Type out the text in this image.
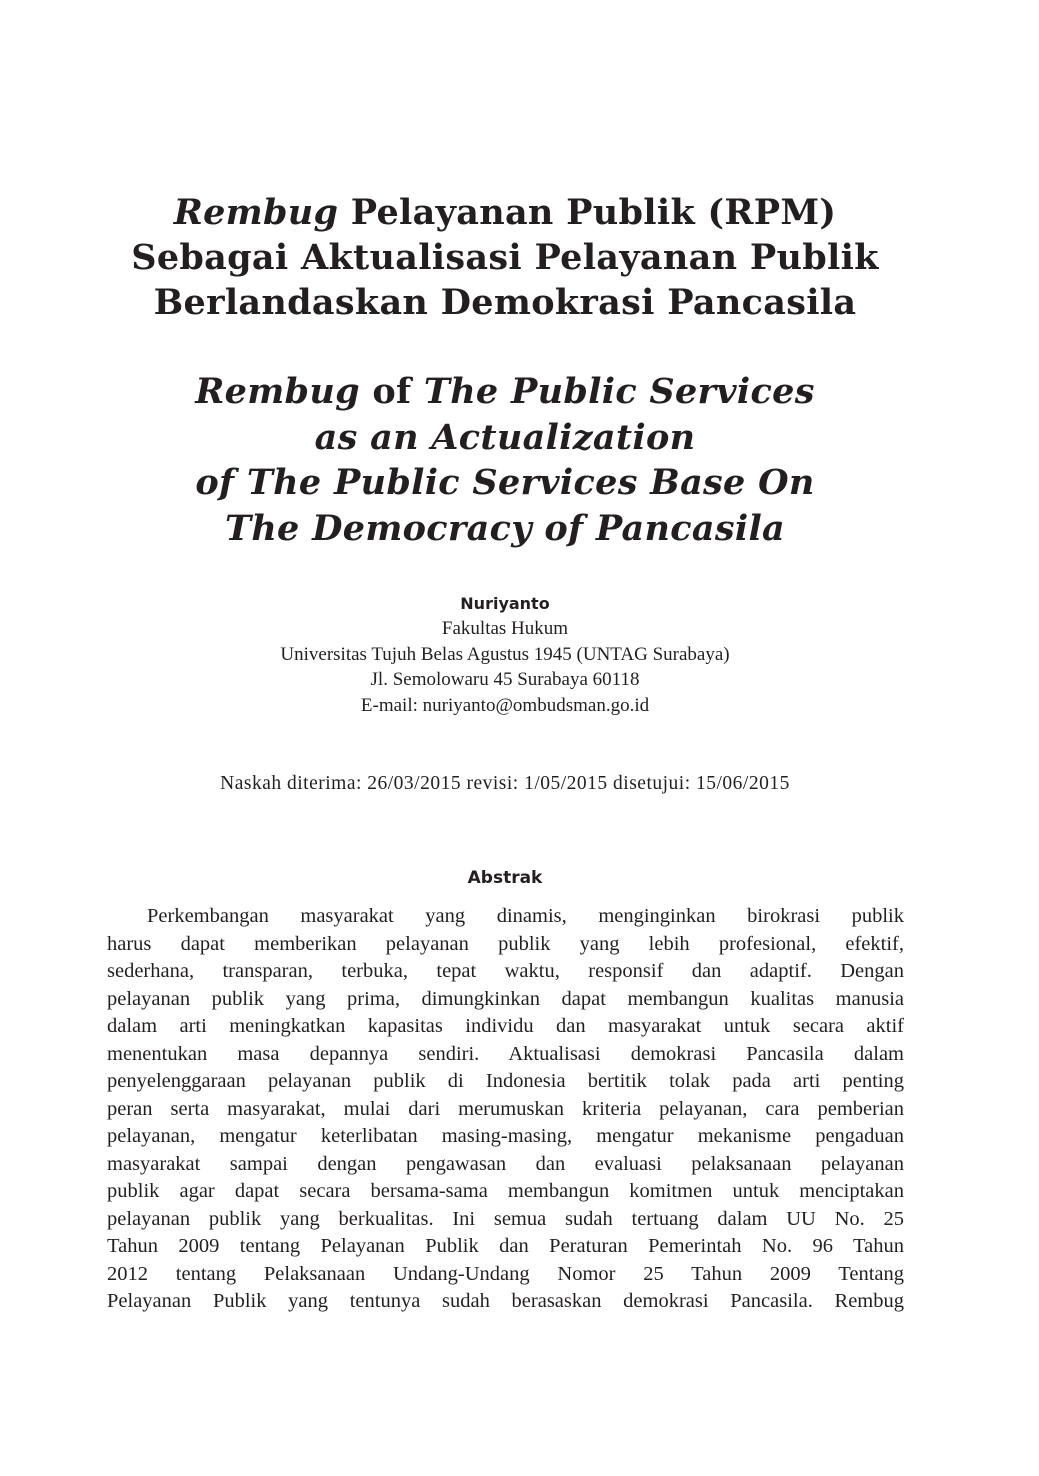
Rembug Pelayanan Publik (RPM)
Sebagai Aktualisasi Pelayanan Publik
Berlandaskan Demokrasi Pancasila
Rembug of The Public Services
as an Actualization
of The Public Services Base On
The Democracy of Pancasila
Nuriyanto
Fakultas Hukum
Universitas Tujuh Belas Agustus 1945 (UNTAG Surabaya)
Jl. Semolowaru 45 Surabaya 60118
E-mail: nuriyanto@ombudsman.go.id
Naskah diterima: 26/03/2015 revisi: 1/05/2015 disetujui: 15/06/2015
Abstrak
Perkembangan masyarakat yang dinamis, menginginkan birokrasi publik
harus dapat memberikan pelayanan publik yang lebih profesional, efektif,
sederhana, transparan, terbuka, tepat waktu, responsif dan adaptif. Dengan
pelayanan publik yang prima, dimungkinkan dapat membangun kualitas manusia
dalam arti meningkatkan kapasitas individu dan masyarakat untuk secara aktif
menentukan masa depannya sendiri. Aktualisasi demokrasi Pancasila dalam
penyelenggaraan pelayanan publik di Indonesia bertitik tolak pada arti penting
peran serta masyarakat, mulai dari merumuskan kriteria pelayanan, cara pemberian
pelayanan, mengatur keterlibatan masing-masing, mengatur mekanisme pengaduan
masyarakat sampai dengan pengawasan dan evaluasi pelaksanaan pelayanan
publik agar dapat secara bersama-sama membangun komitmen untuk menciptakan
pelayanan publik yang berkualitas. Ini semua sudah tertuang dalam UU No. 25
Tahun 2009 tentang Pelayanan Publik dan Peraturan Pemerintah No. 96 Tahun
2012 tentang Pelaksanaan Undang-Undang Nomor 25 Tahun 2009 Tentang
Pelayanan Publik yang tentunya sudah berasaskan demokrasi Pancasila. Rembug
